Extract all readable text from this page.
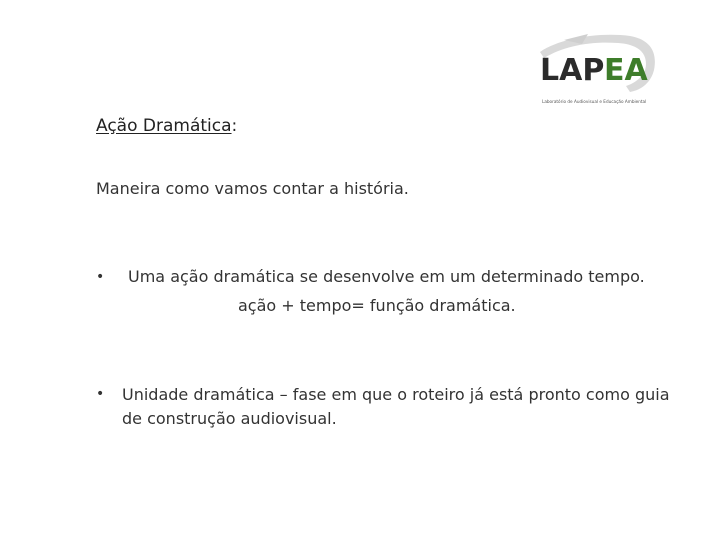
LAP EA
Laboratório de Audiovisual e Educação Ambiental
Ação Dramática:
Maneira como vamos contar a história.
• Uma ação dramática se desenvolve em um determinado tempo.
ação + tempo= função dramática.
• Unidade dramática – fase em que o roteiro já está pronto como guia de construção audiovisual.
